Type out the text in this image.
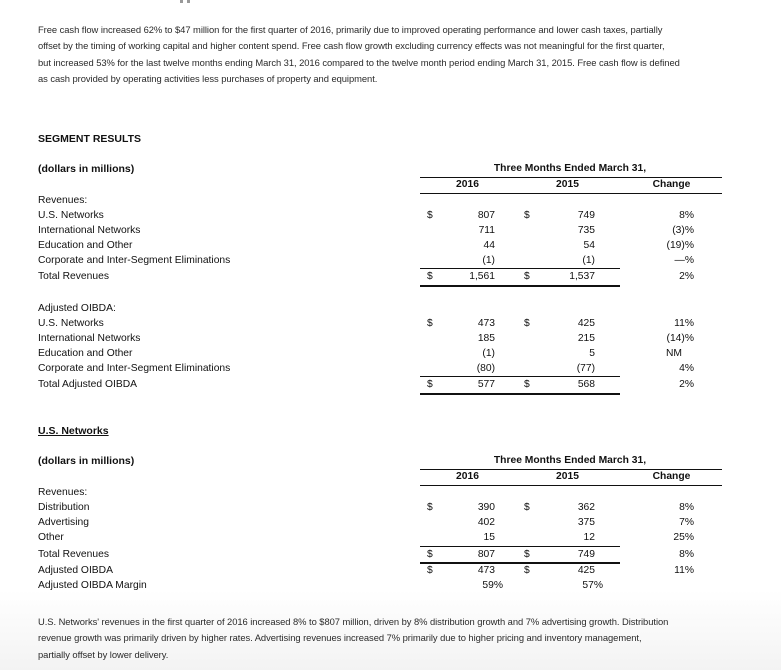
Free cash flow increased 62% to $47 million for the first quarter of 2016, primarily due to improved operating performance and lower cash taxes, partially
offset by the timing of working capital and higher content spend. Free cash flow growth excluding currency effects was not meaningful for the first quarter,
but increased 53% for the last twelve months ending March 31, 2016 compared to the twelve month period ending March 31, 2015. Free cash flow is defined
as cash provided by operating activities less purchases of property and equipment.
SEGMENT RESULTS
(dollars in millions)	Three Months Ended March 31,
2016	2015	Change
Revenues:
U.S. Networks	$	807	$	749	8%
International Networks	711	735	(3)%
Education and Other	44	54	(19)%
Corporate and Inter-Segment Eliminations	(1)	(1)	—%
Total Revenues	$	1,561	$	1,537	2%
Adjusted OIBDA:
U.S. Networks	$	473	$	425	11%
International Networks	185	215	(14)%
Education and Other	(1)	5	NM
Corporate and Inter-Segment Eliminations	(80)	(77)	4%
Total Adjusted OIBDA	$	577	$	568	2%
U.S. Networks
(dollars in millions)	Three Months Ended March 31,
2016	2015	Change
Revenues:
Distribution	$	390	$	362	8%
Advertising	402	375	7%
Other	15	12	25%
Total Revenues	$	807	$	749	8%
Adjusted OIBDA	$	473	$	425	11%
Adjusted OIBDA Margin	59%	57%
U.S. Networks' revenues in the first quarter of 2016 increased 8% to $807 million, driven by 8% distribution growth and 7% advertising growth. Distribution
revenue growth was primarily driven by higher rates. Advertising revenues increased 7% primarily due to higher pricing and inventory management,
partially offset by lower delivery.
